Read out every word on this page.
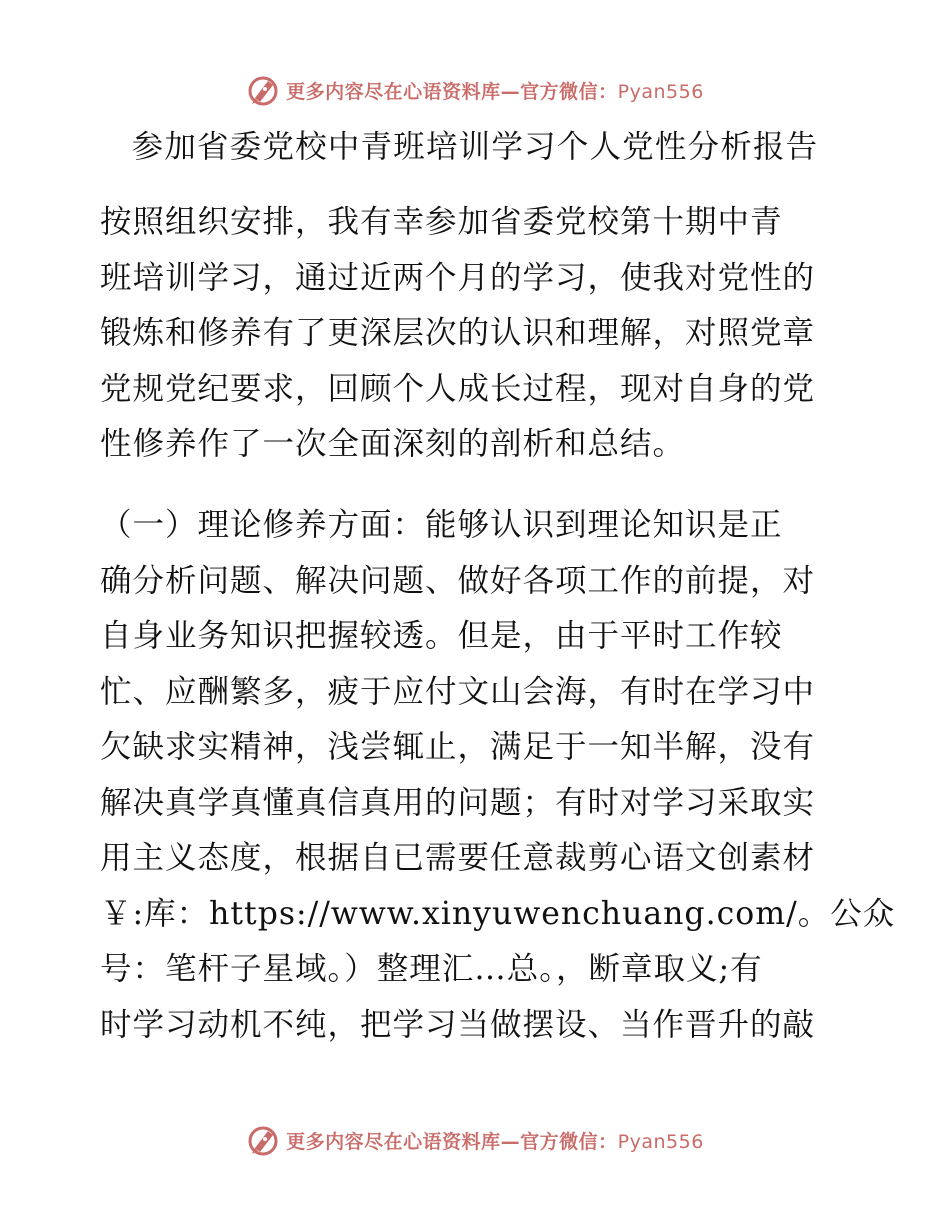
更多内容尽在心语资料库—官方微信：Pyan556
参加省委党校中青班培训学习个人党性分析报告
按照组织安排，我有幸参加省委党校第十期中青
班培训学习，通过近两个月的学习，使我对党性的
锻炼和修养有了更深层次的认识和理解，对照党章
党规党纪要求，回顾个人成长过程，现对自身的党
性修养作了一次全面深刻的剖析和总结。
（一）理论修养方面：能够认识到理论知识是正
确分析问题、解决问题、做好各项工作的前提，对
自身业务知识把握较透。但是，由于平时工作较
忙、应酬繁多，疲于应付文山会海，有时在学习中
欠缺求实精神，浅尝辄止，满足于一知半解，没有
解决真学真懂真信真用的问题；有时对学习采取实
用主义态度，根据自已需要任意裁剪心语文创素材
￥:库：https://www.xinyuwenchuang.com/。公众
号：笔杆子星域。）整理汇…总。，断章取义;有
时学习动机不纯，把学习当做摆设、当作晋升的敲
更多内容尽在心语资料库—官方微信：Pyan556
